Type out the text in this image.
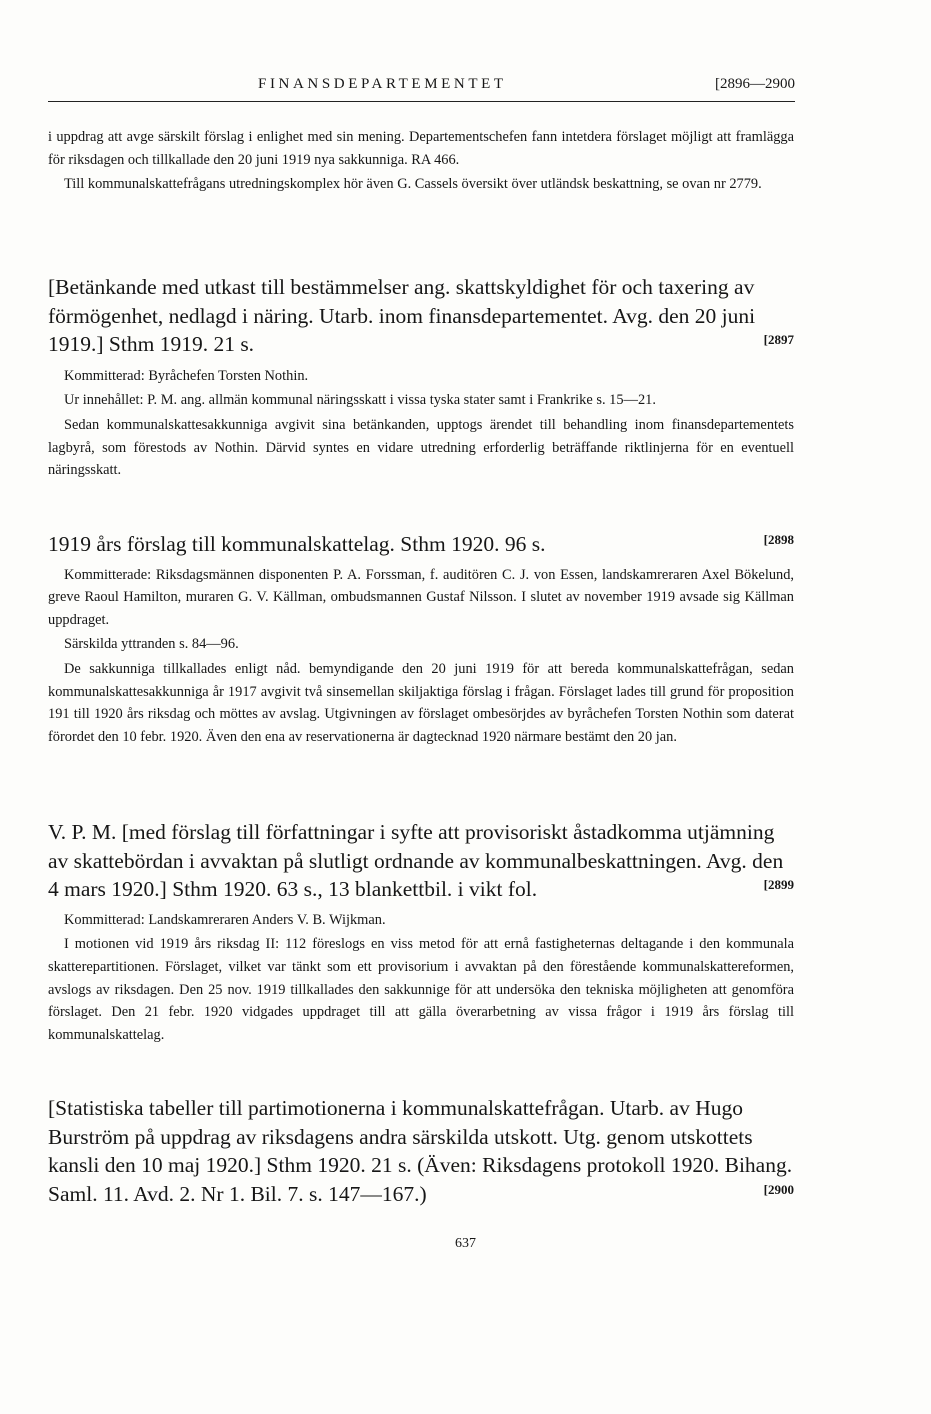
FINANSDEPARTEMENTET	[2896—2900

i uppdrag att avge särskilt förslag i enlighet med sin mening. Departementschefen fann intetdera förslaget möjligt att framlägga för riksdagen och tillkallade den 20 juni 1919 nya sakkunniga. RA 466.

Till kommunalskattefrågans utredningskomplex hör även G. Cassels översikt över utländsk beskattning, se ovan nr 2779.

[Betänkande med utkast till bestämmelser ang. skattskyldighet för och taxering av förmögenhet, nedlagd i näring. Utarb. inom finansdepartementet. Avg. den 20 juni 1919.] Sthm 1919. 21 s.	[2897

Kommitterad: Byråchefen Torsten Nothin.

Ur innehållet: P. M. ang. allmän kommunal näringsskatt i vissa tyska stater samt i Frankrike s. 15—21.

Sedan kommunalskattesakkunniga avgivit sina betänkanden, upptogs ärendet till behandling inom finansdepartementets lagbyrå, som förestods av Nothin. Därvid syntes en vidare utredning erforderlig beträffande riktlinjerna för en eventuell näringsskatt.

1919 års förslag till kommunalskattelag. Sthm 1920. 96 s.	[2898

Kommitterade: Riksdagsmännen disponenten P. A. Forssman, f. auditören C. J. von Essen, landskamreraren Axel Bökelund, greve Raoul Hamilton, muraren G. V. Källman, ombudsmannen Gustaf Nilsson. I slutet av november 1919 avsade sig Källman uppdraget.

Särskilda yttranden s. 84—96.

De sakkunniga tillkallades enligt nåd. bemyndigande den 20 juni 1919 för att bereda kommunalskattefrågan, sedan kommunalskattesakkunniga år 1917 avgivit två sinsemellan skiljaktiga förslag i frågan. Förslaget lades till grund för proposition 191 till 1920 års riksdag och möttes av avslag. Utgivningen av förslaget ombesörjdes av byråchefen Torsten Nothin som daterat förordet den 10 febr. 1920. Även den ena av reservationerna är dagtecknad 1920 närmare bestämt den 20 jan.

V. P. M. [med förslag till författningar i syfte att provisoriskt åstadkomma utjämning av skattebördan i avvaktan på slutligt ordnande av kommunalbeskattningen. Avg. den 4 mars 1920.] Sthm 1920. 63 s., 13 blankettbil. i vikt fol.	[2899

Kommitterad: Landskamreraren Anders V. B. Wijkman.

I motionen vid 1919 års riksdag II: 112 föreslogs en viss metod för att ernå fastigheternas deltagande i den kommunala skatterepartitionen. Förslaget, vilket var tänkt som ett provisorium i avvaktan på den förestående kommunalskattereformen, avslogs av riksdagen. Den 25 nov. 1919 tillkallades den sakkunnige för att undersöka den tekniska möjligheten att genomföra förslaget. Den 21 febr. 1920 vidgades uppdraget till att gälla överarbetning av vissa frågor i 1919 års förslag till kommunalskattelag.

[Statistiska tabeller till partimotionerna i kommunalskattefrågan. Utarb. av Hugo Burström på uppdrag av riksdagens andra särskilda utskott. Utg. genom utskottets kansli den 10 maj 1920.] Sthm 1920. 21 s. (Även: Riksdagens protokoll 1920. Bihang. Saml. 11. Avd. 2. Nr 1. Bil. 7. s. 147—167.)	[2900

637
